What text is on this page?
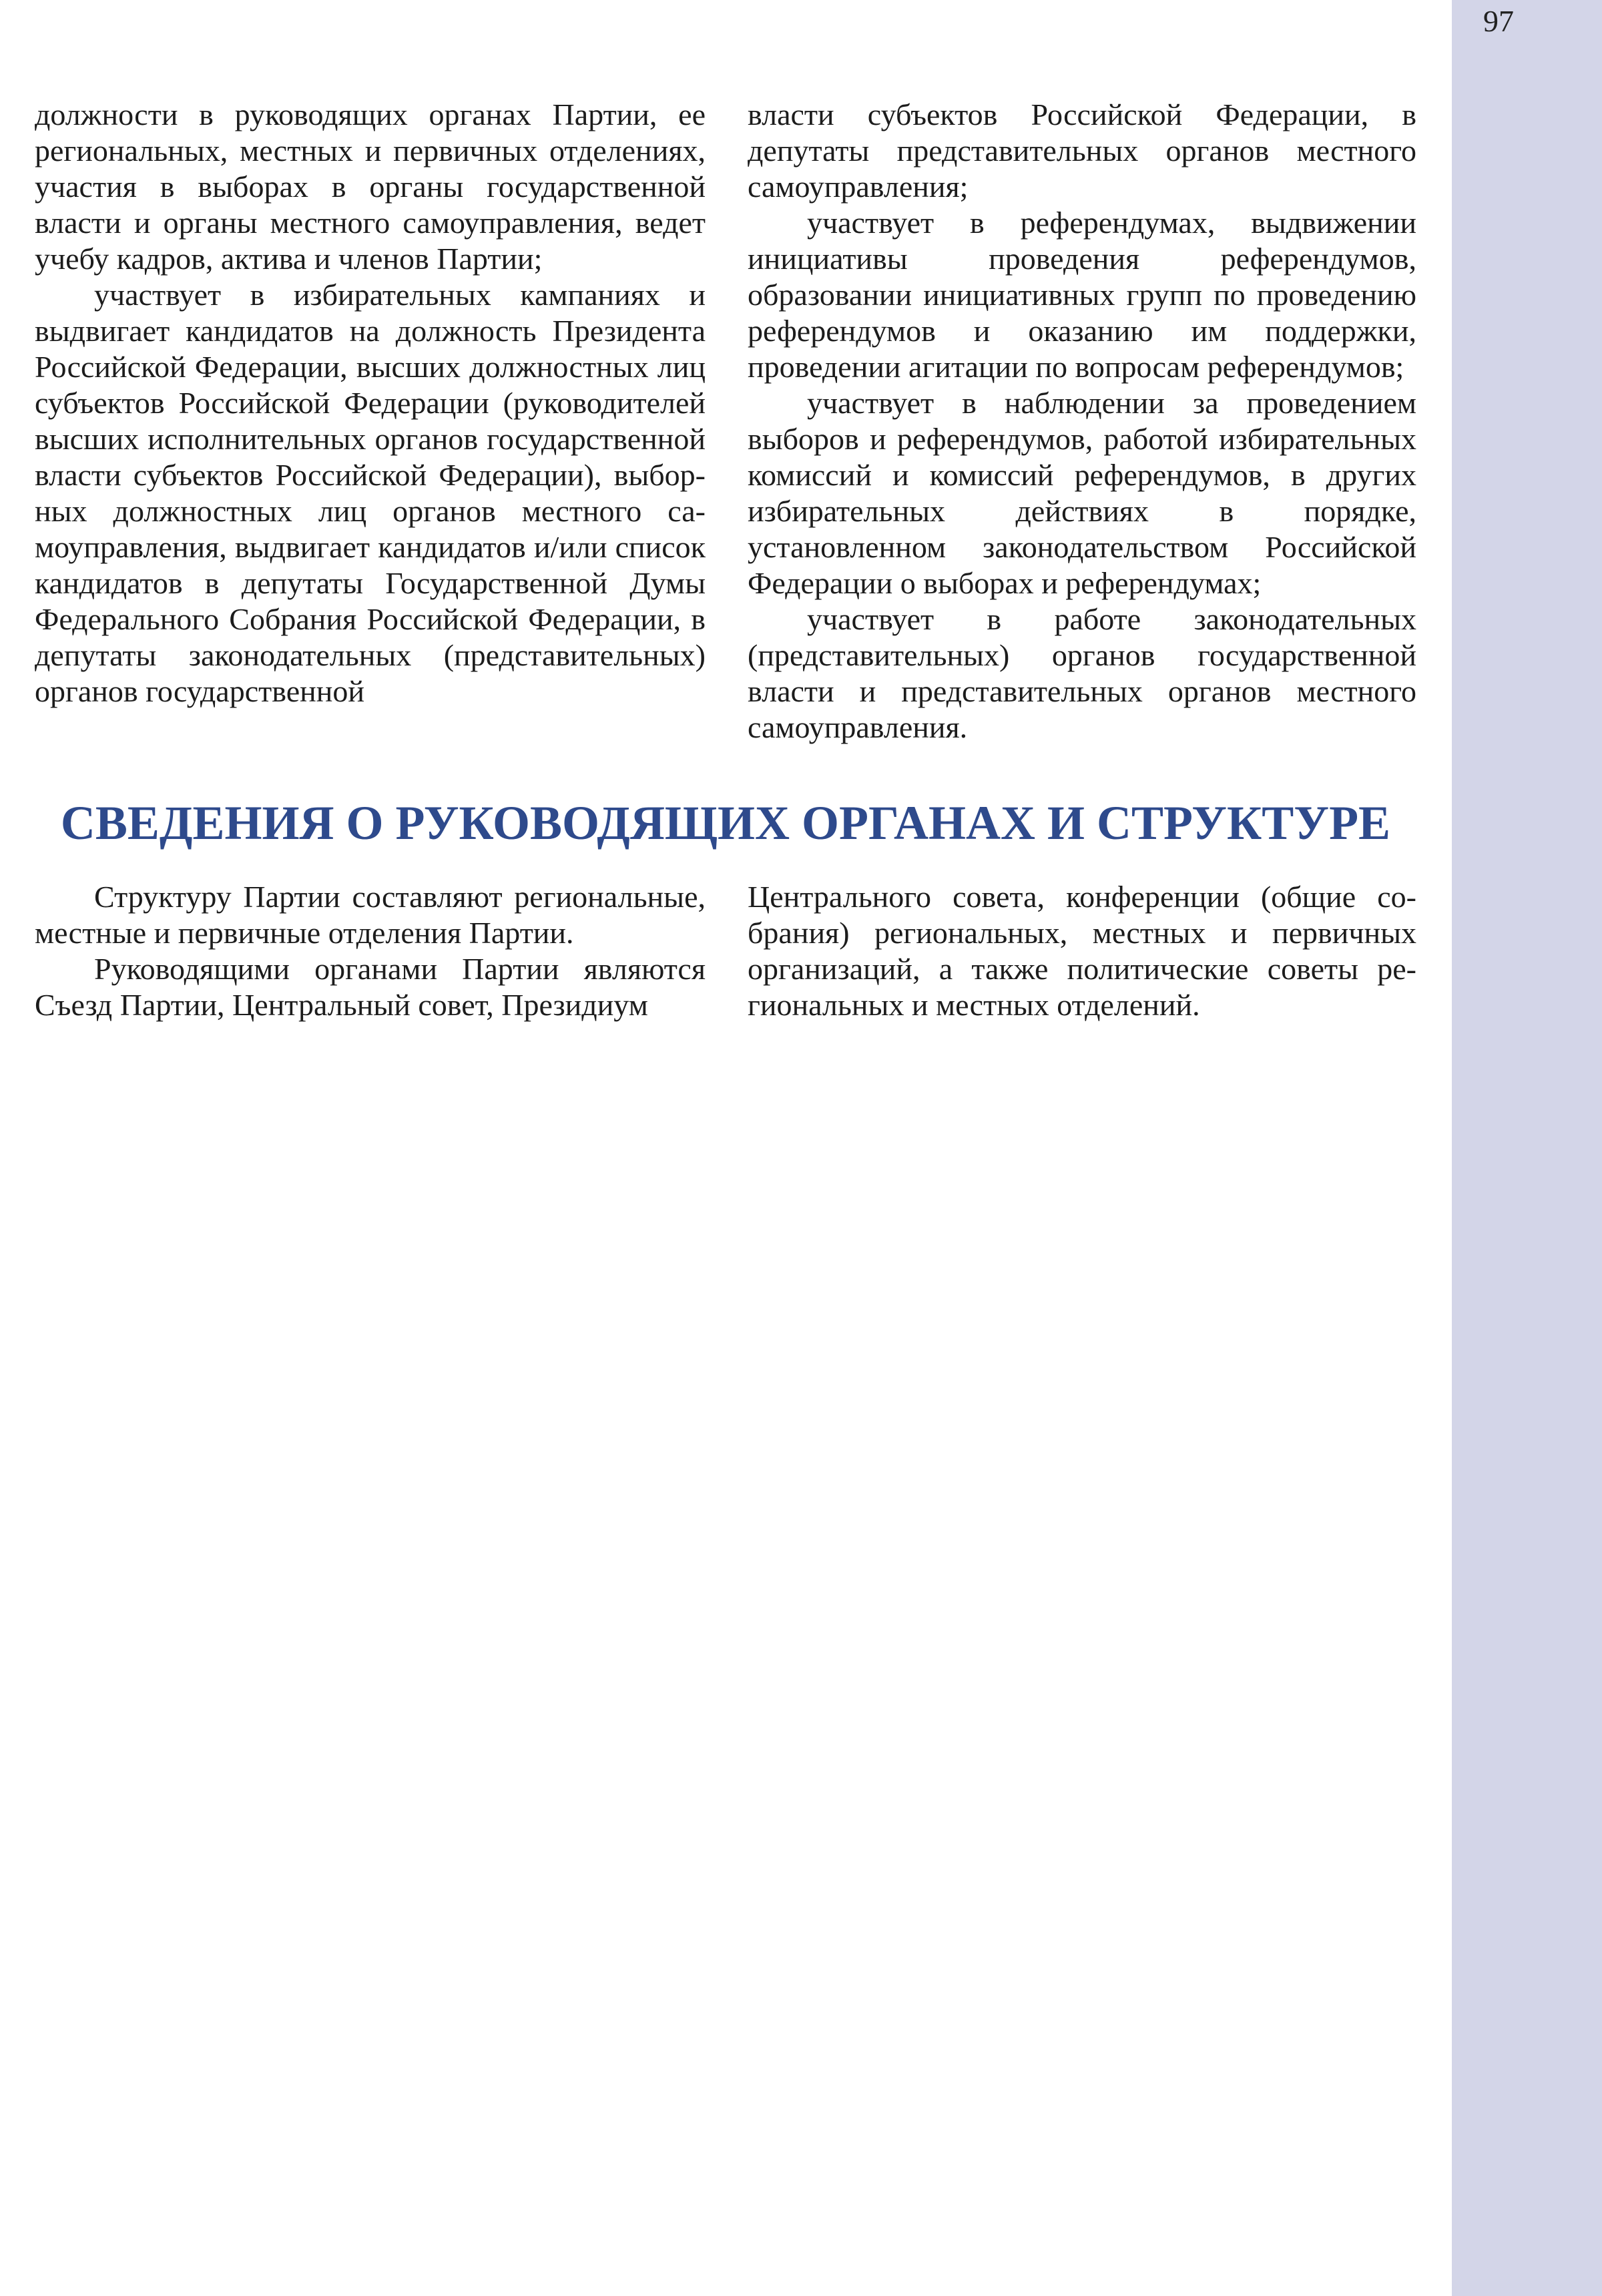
97

должности в руководящих органах Партии, ее региональных, местных и первичных отделениях, участия в выборах в органы государственной власти и органы местного самоуправления, ведет учебу кадров, актива и членов Партии;

участвует в избирательных кампаниях и выдвигает кандидатов на должность Президента Российской Федерации, высших должностных лиц субъектов Российской Федерации (руководителей высших исполнительных органов государственной власти субъектов Российской Федерации), выборных должностных лиц органов местного самоуправления, выдвигает кандидатов и/или список кандидатов в депутаты Государственной Думы Федерального Собрания Российской Федерации, в депутаты законодательных (представительных) органов государственной

власти субъектов Российской Федерации, в депутаты представительных органов местного самоуправления;

участвует в референдумах, выдвижении инициативы проведения референдумов, образовании инициативных групп по проведению референдумов и оказанию им поддержки, проведении агитации по вопросам референдумов;

участвует в наблюдении за проведением выборов и референдумов, работой избирательных комиссий и комиссий референдумов, в других избирательных действиях в порядке, установленном законодательством Российской Федерации о выборах и референдумах;

участвует в работе законодательных (представительных) органов государственной власти и представительных органов местного самоуправления.

СВЕДЕНИЯ О РУКОВОДЯЩИХ ОРГАНАХ И СТРУКТУРЕ

Структуру Партии составляют региональные, местные и первичные отделения Партии.

Руководящими органами Партии являются Съезд Партии, Центральный совет, Президиум

Центрального совета, конференции (общие собрания) региональных, местных и первичных организаций, а также политические советы региональных и местных отделений.
